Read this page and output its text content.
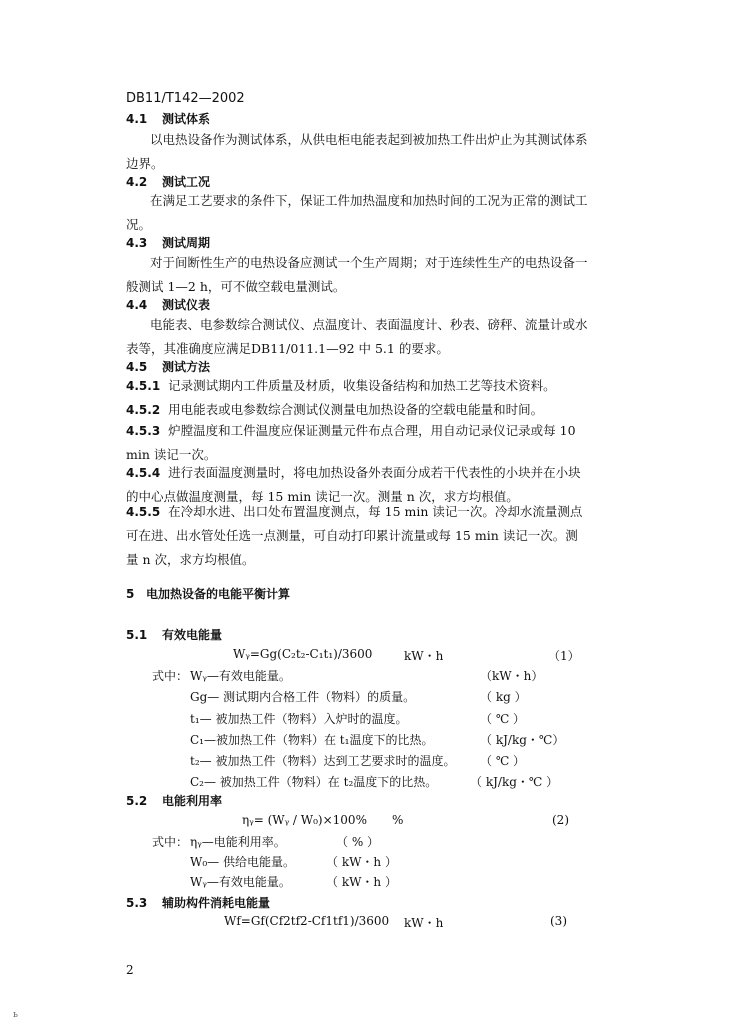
DB11/T142—2002
4.1 测试体系
以电热设备作为测试体系，从供电柜电能表起到被加热工件出炉止为其测试体系边界。
4.2 测试工况
在满足工艺要求的条件下，保证工件加热温度和加热时间的工况为正常的测试工况。
4.3 测试周期
对于间断性生产的电热设备应测试一个生产周期；对于连续性生产的电热设备一般测试 1—2 h，可不做空载电量测试。
4.4 测试仪表
电能表、电参数综合测试仪、点温度计、表面温度计、秒表、磅秤、流量计或水表等，其准确度应满足DB11/011.1—92 中 5.1 的要求。
4.5 测试方法
4.5.1 记录测试期内工件质量及材质，收集设备结构和加热工艺等技术资料。
4.5.2 用电能表或电参数综合测试仪测量电加热设备的空载电能量和时间。
4.5.3 炉膛温度和工件温度应保证测量元件布点合理，用自动记录仪记录或每 10 min 读记一次。
4.5.4 进行表面温度测量时，将电加热设备外表面分成若干代表性的小块并在小块的中心点做温度测量，每 15 min 读记一次。测量 n 次，求方均根值。
4.5.5 在冷却水进、出口处布置温度测点，每 15 min 读记一次。冷却水流量测点可在进、出水管处任选一点测量，可自动打印累计流量或每 15 min 读记一次。测量 n 次，求方均根值。
5 电加热设备的电能平衡计算
5.1 有效电能量
Wᵧ=Gg(C₂t₂-C₁t₁)/3600	kW・h	（1）
式中： Wᵧ—有效电能量。	（kW・h）
Gg— 测试期内合格工件（物料）的质量。	（ kg ）
t₁— 被加热工件（物料）入炉时的温度。	（ ℃ ）
C₁—被加热工件（物料）在 t₁温度下的比热。	（ kJ/kg・℃）
t₂— 被加热工件（物料）达到工艺要求时的温度。 （ ℃ ）
C₂— 被加热工件（物料）在 t₂温度下的比热。	（ kJ/kg・℃ ）
5.2 电能利用率
ηᵧ= (Wᵧ / W₀)×100% %	(2)
式中： ηᵧ—电能利用率。	（ % ）
W₀— 供给电能量。	（ kW・h ）
Wᵧ—有效电能量。	（ kW・h ）
5.3 辅助构件消耗电能量
Wf=Gf(Cf2tf2-Cf1tf1)/3600 kW・h	(3)
2
ь
